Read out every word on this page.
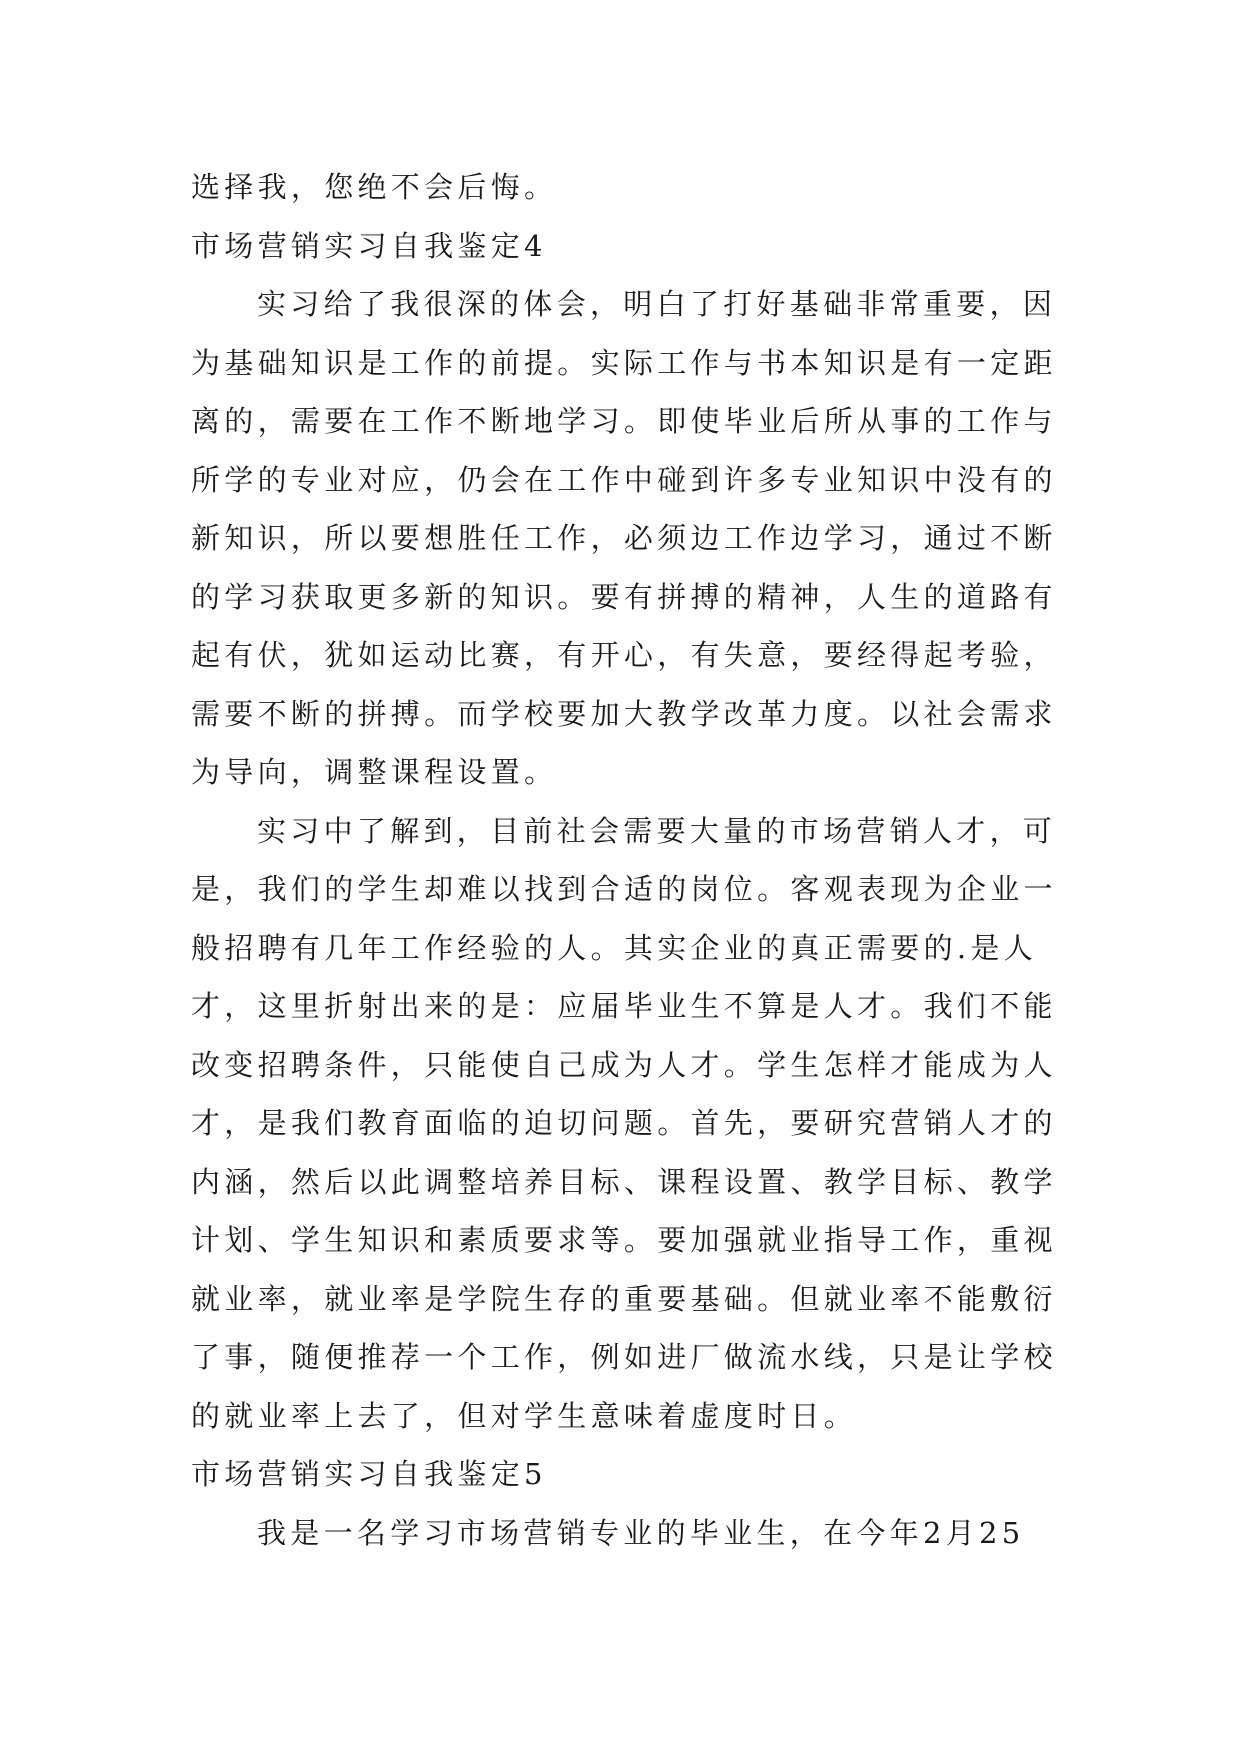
选择我，您绝不会后悔。
市场营销实习自我鉴定4
实习给了我很深的体会，明白了打好基础非常重要，因
为基础知识是工作的前提。实际工作与书本知识是有一定距
离的，需要在工作不断地学习。即使毕业后所从事的工作与
所学的专业对应，仍会在工作中碰到许多专业知识中没有的
新知识，所以要想胜任工作，必须边工作边学习，通过不断
的学习获取更多新的知识。要有拼搏的精神，人生的道路有
起有伏，犹如运动比赛，有开心，有失意，要经得起考验，
需要不断的拼搏。而学校要加大教学改革力度。以社会需求
为导向，调整课程设置。
实习中了解到，目前社会需要大量的市场营销人才，可
是，我们的学生却难以找到合适的岗位。客观表现为企业一
般招聘有几年工作经验的人。其实企业的真正需要的.是人
才，这里折射出来的是：应届毕业生不算是人才。我们不能
改变招聘条件，只能使自己成为人才。学生怎样才能成为人
才，是我们教育面临的迫切问题。首先，要研究营销人才的
内涵，然后以此调整培养目标、课程设置、教学目标、教学
计划、学生知识和素质要求等。要加强就业指导工作，重视
就业率，就业率是学院生存的重要基础。但就业率不能敷衍
了事，随便推荐一个工作，例如进厂做流水线，只是让学校
的就业率上去了，但对学生意味着虚度时日。
市场营销实习自我鉴定5
我是一名学习市场营销专业的毕业生，在今年2月25
